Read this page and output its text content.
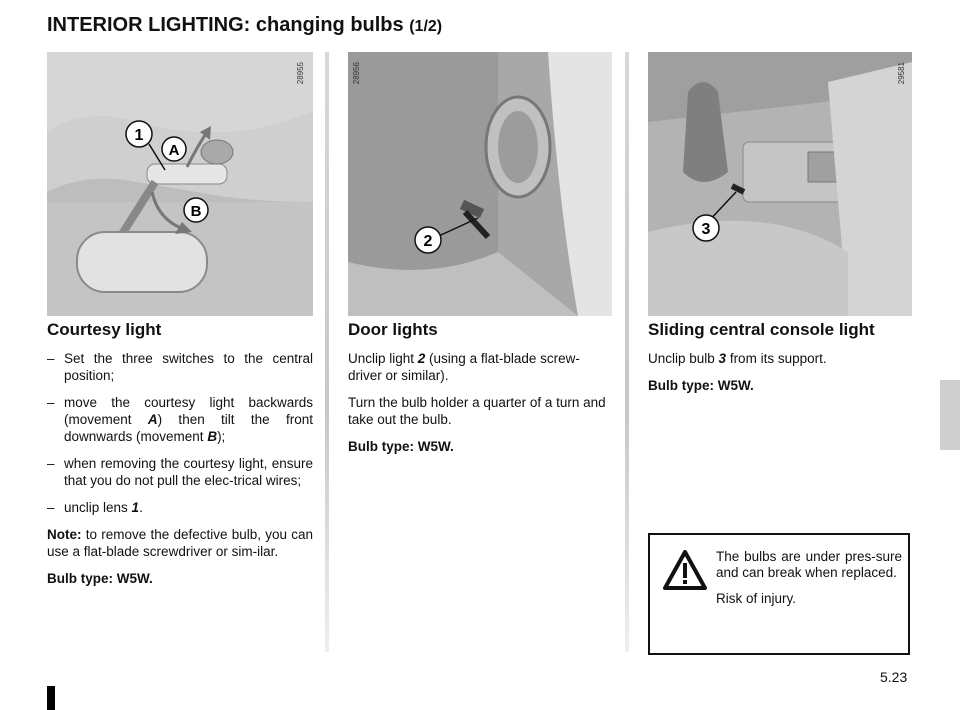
INTERIOR LIGHTING: changing bulbs (1/2)
1
A
B
28955
2
28956
3
29581
Courtesy light
– Set the three switches to the central position;
– move the courtesy light backwards (movement A) then tilt the front downwards (movement B);
– when removing the courtesy light, ensure that you do not pull the elec-trical wires;
– unclip lens 1.

Note: to remove the defective bulb, you can use a flat-blade screwdriver or sim-ilar.

Bulb type: W5W.

Door lights

Unclip light 2 (using a flat-blade screw-driver or similar).

Turn the bulb holder a quarter of a turn and take out the bulb.

Bulb type: W5W.

Sliding central console light

Unclip bulb 3 from its support.

Bulb type: W5W.

The bulbs are under pres-sure and can break when replaced.

Risk of injury.

5.23
